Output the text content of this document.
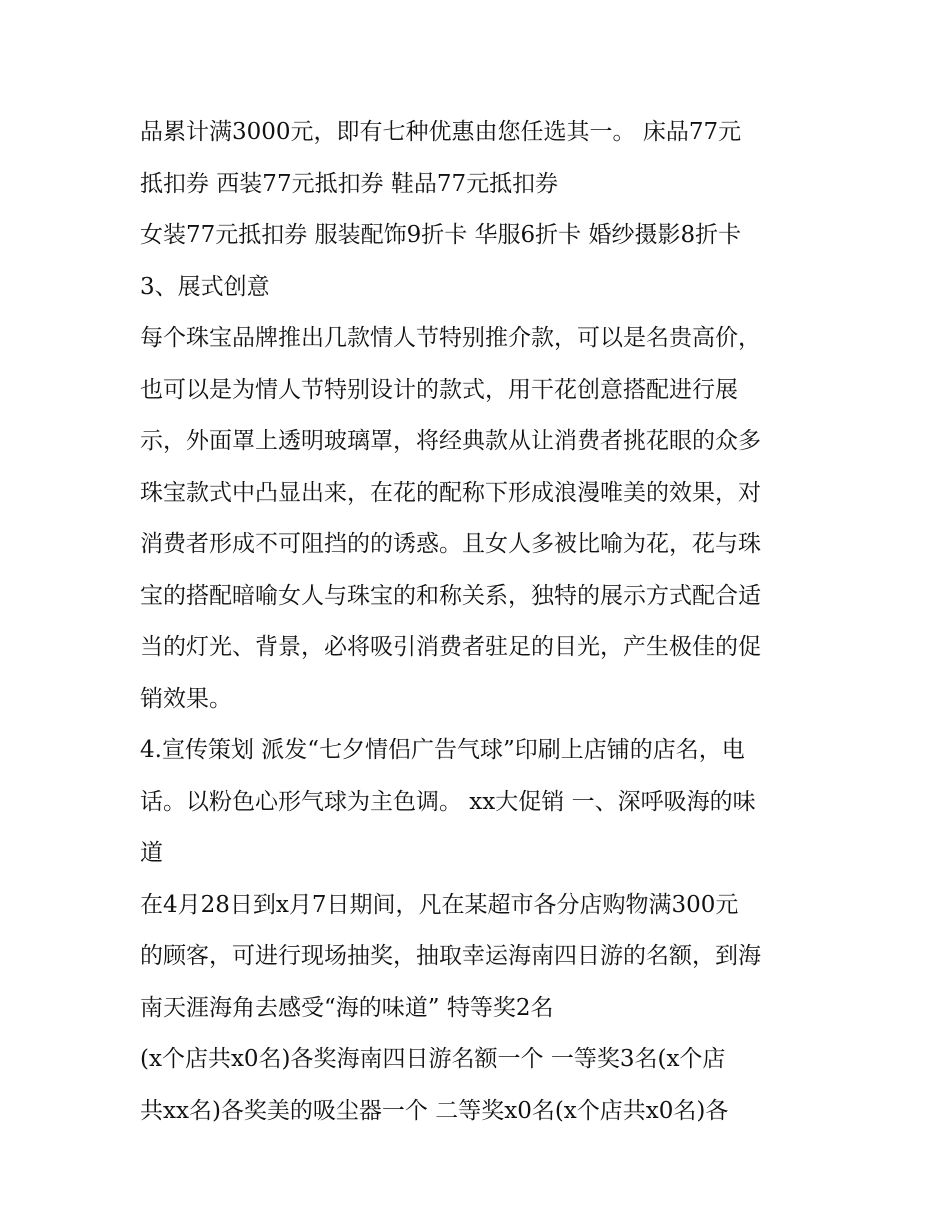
品累计满3000元，即有七种优惠由您任选其一。 床品77元
抵扣券 西装77元抵扣券 鞋品77元抵扣券
女装77元抵扣券 服装配饰9折卡 华服6折卡 婚纱摄影8折卡
3、展式创意
每个珠宝品牌推出几款情人节特别推介款，可以是名贵高价，
也可以是为情人节特别设计的款式，用干花创意搭配进行展
示，外面罩上透明玻璃罩，将经典款从让消费者挑花眼的众多
珠宝款式中凸显出来，在花的配称下形成浪漫唯美的效果，对
消费者形成不可阻挡的的诱惑。且女人多被比喻为花，花与珠
宝的搭配暗喻女人与珠宝的和称关系，独特的展示方式配合适
当的灯光、背景，必将吸引消费者驻足的目光，产生极佳的促
销效果。
4.宣传策划 派发“七夕情侣广告气球”印刷上店铺的店名，电
话。以粉色心形气球为主色调。 xx大促销 一、深呼吸海的味
道
在4月28日到x月7日期间，凡在某超市各分店购物满300元
的顾客，可进行现场抽奖，抽取幸运海南四日游的名额，到海
南天涯海角去感受“海的味道” 特等奖2名
(x个店共x0名)各奖海南四日游名额一个 一等奖3名(x个店
共xx名)各奖美的吸尘器一个 二等奖x0名(x个店共x0名)各
